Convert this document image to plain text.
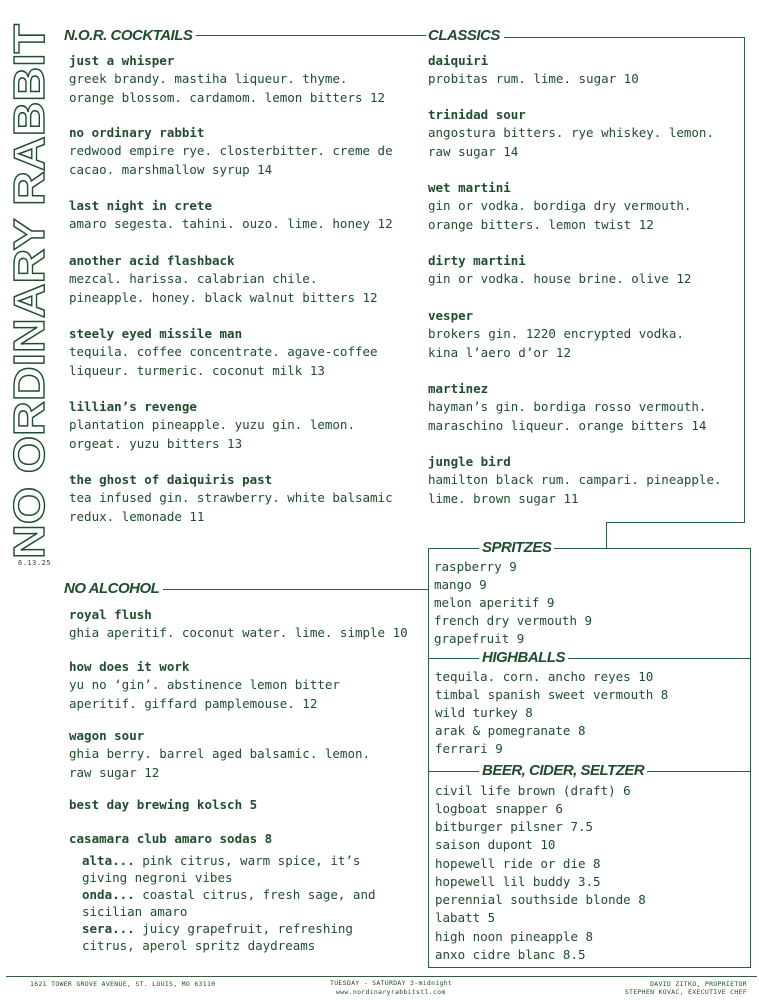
NO ORDINARY RABBIT
6.13.25
N.O.R. COCKTAILS	CLASSICS
NO ALCOHOL
SPRITZES
HIGHBALLS
BEER, CIDER, SELTZER
just a whisper
greek brandy. mastiha liqueur. thyme. orange blossom. cardamom. lemon bitters 12
no ordinary rabbit
redwood empire rye. closterbitter. creme de cacao. marshmallow syrup 14
last night in crete
amaro segesta. tahini. ouzo. lime. honey 12
another acid flashback
mezcal. harissa. calabrian chile. pineapple. honey. black walnut bitters 12
steely eyed missile man
tequila. coffee concentrate. agave-coffee liqueur. turmeric. coconut milk 13
lillian’s revenge
plantation pineapple. yuzu gin. lemon. orgeat. yuzu bitters 13
the ghost of daiquiris past
tea infused gin. strawberry. white balsamic redux. lemonade 11
daiquiri
probitas rum. lime. sugar 10
trinidad sour
angostura bitters. rye whiskey. lemon. raw sugar 14
wet martini
gin or vodka. bordiga dry vermouth. orange bitters. lemon twist 12
dirty martini
gin or vodka. house brine. olive 12
vesper
brokers gin. 1220 encrypted vodka. kina l’aero d’or 12
martinez
hayman’s gin. bordiga rosso vermouth. maraschino liqueur. orange bitters 14
jungle bird
hamilton black rum. campari. pineapple. lime. brown sugar 11
royal flush
ghia aperitif. coconut water. lime. simple 10
how does it work
yu no ‘gin’. abstinence lemon bitter aperitif. giffard pamplemouse. 12
wagon sour
ghia berry. barrel aged balsamic. lemon. raw sugar 12
best day brewing kolsch 5
casamara club amaro sodas 8
alta... pink citrus, warm spice, it’s giving negroni vibes
onda... coastal citrus, fresh sage, and sicilian amaro
sera... juicy grapefruit, refreshing citrus, aperol spritz daydreams
raspberry 9
mango 9
melon aperitif 9
french dry vermouth 9
grapefruit 9
tequila. corn. ancho reyes 10
timbal spanish sweet vermouth 8
wild turkey 8
arak & pomegranate 8
ferrari 9
civil life brown (draft) 6
logboat snapper 6
bitburger pilsner 7.5
saison dupont 10
hopewell ride or die 8
hopewell lil buddy 3.5
perennial southside blonde 8
labatt 5
high noon pineapple 8
anxo cidre blanc 8.5
1621 TOWER GROVE AVENUE, ST. LOUIS, MO 63110	TUESDAY - SATURDAY 3-midnight
www.nordinaryrabbitstl.com
DAVID ZITKO, PROPRIETOR
STEPHEN KOVAC, EXECUTIVE CHEF
